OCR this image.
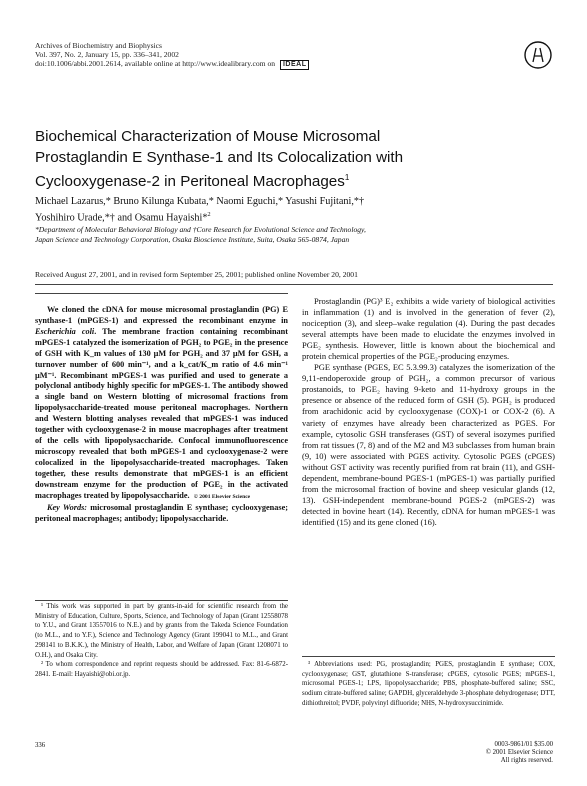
Archives of Biochemistry and Biophysics
Vol. 397, No. 2, January 15, pp. 336–341, 2002
doi:10.1006/abbi.2001.2614, available online at http://www.idealibrary.com on IDEAL
Biochemical Characterization of Mouse Microsomal
Prostaglandin E Synthase-1 and Its Colocalization with
Cyclooxygenase-2 in Peritoneal Macrophages$^1$
Michael Lazarus,* Bruno Kilunga Kubata,* Naomi Eguchi,* Yasushi Fujitani,*†
Yoshihiro Urade,*† and Osamu Hayaishi*$^2$
*Department of Molecular Behavioral Biology and †Core Research for Evolutional Science and Technology,
Japan Science and Technology Corporation, Osaka Bioscience Institute, Suita, Osaka 565-0874, Japan
Received August 27, 2001, and in revised form September 25, 2001; published online November 20, 2001

We cloned the cDNA for mouse microsomal prostaglandin (PG) E synthase-1 (mPGES-1) and expressed the recombinant enzyme in Escherichia coli. The membrane fraction containing recombinant mPGES-1 catalyzed the isomerization of PGH₂ to PGE₂ in the presence of GSH with K_m values of 130 µM for PGH₂ and 37 µM for GSH, a turnover number of 600 min⁻¹, and a k_cat/K_m ratio of 4.6 min⁻¹ µM⁻¹. Recombinant mPGES-1 was purified and used to generate a polyclonal antibody highly specific for mPGES-1. The antibody showed a single band on Western blotting of microsomal fractions from lipopolysaccharide-treated mouse peritoneal macrophages. Northern and Western blotting analyses revealed that mPGES-1 was induced together with cyclooxygenase-2 in mouse macrophages after treatment of the cells with lipopolysaccharide. Confocal immunofluorescence microscopy revealed that both mPGES-1 and cyclooxygenase-2 were colocalized in the lipopolysaccharide-treated macrophages. Taken together, these results demonstrate that mPGES-1 is an efficient downstream enzyme for the production of PGE₂ in the activated macrophages treated by lipopolysaccharide. © 2001 Elsevier Science

Key Words: microsomal prostaglandin E synthase; cyclooxygenase; peritoneal macrophages; antibody; lipopolysaccharide.

¹ This work was supported in part by grants-in-aid for scientific research from the Ministry of Education, Culture, Sports, Science, and Technology of Japan (Grant 12558078 to Y.U., and Grant 13557016 to N.E.) and by grants from the Takeda Science Foundation (to M.L., and to Y.F.), Science and Technology Agency (Grant 199041 to M.L., and Grant 298141 to B.K.K.), the Ministry of Health, Labor, and Welfare of Japan (Grant 1208071 to O.H.), and Osaka City.

² To whom correspondence and reprint requests should be addressed. Fax: 81-6-6872-2841. E-mail: Hayaishi@obi.or.jp.

Prostaglandin (PG)³ E₂ exhibits a wide variety of biological activities in inflammation (1) and is involved in the generation of fever (2), nociception (3), and sleep–wake regulation (4). During the past decades several attempts have been made to elucidate the enzymes involved in PGE₂ synthesis. However, little is known about the biochemical and protein chemical properties of the PGE₂-producing enzymes.

PGE synthase (PGES, EC 5.3.99.3) catalyzes the isomerization of the 9,11-endoperoxide group of PGH₂, a common precursor of various prostanoids, to PGE₂ having 9-keto and 11-hydroxy groups in the presence or absence of the reduced form of GSH (5). PGH₂ is produced from arachidonic acid by cyclooxygenase (COX)-1 or COX-2 (6). A variety of enzymes have already been characterized as PGES. For example, cytosolic GSH transferases (GST) of several isozymes purified from rat tissues (7, 8) and of the M2 and M3 subclasses from human brain (9, 10) were associated with PGES activity. Cytosolic PGES (cPGES) without GST activity was recently purified from rat brain (11), and GSH-dependent, membrane-bound PGES-1 (mPGES-1) was partially purified from the microsomal fraction of bovine and sheep vesicular glands (12, 13). GSH-independent membrane-bound PGES-2 (mPGES-2) was detected in bovine heart (14). Recently, cDNA for human mPGES-1 was identified (15) and its gene cloned (16).

³ Abbreviations used: PG, prostaglandin; PGES, prostaglandin E synthase; COX, cyclooxygenase; GST, glutathione S-transferase; cPGES, cytosolic PGES; mPGES-1, microsomal PGES-1; LPS, lipopolysaccharide; PBS, phosphate-buffered saline; SSC, sodium citrate-buffered saline; GAPDH, glyceraldehyde 3-phosphate dehydrogenase; DTT, dithiothreitol; PVDF, polyvinyl difluoride; NHS, N-hydroxysuccinimide.

336	0003-9861/01 $35.00
© 2001 Elsevier Science
All rights reserved.
